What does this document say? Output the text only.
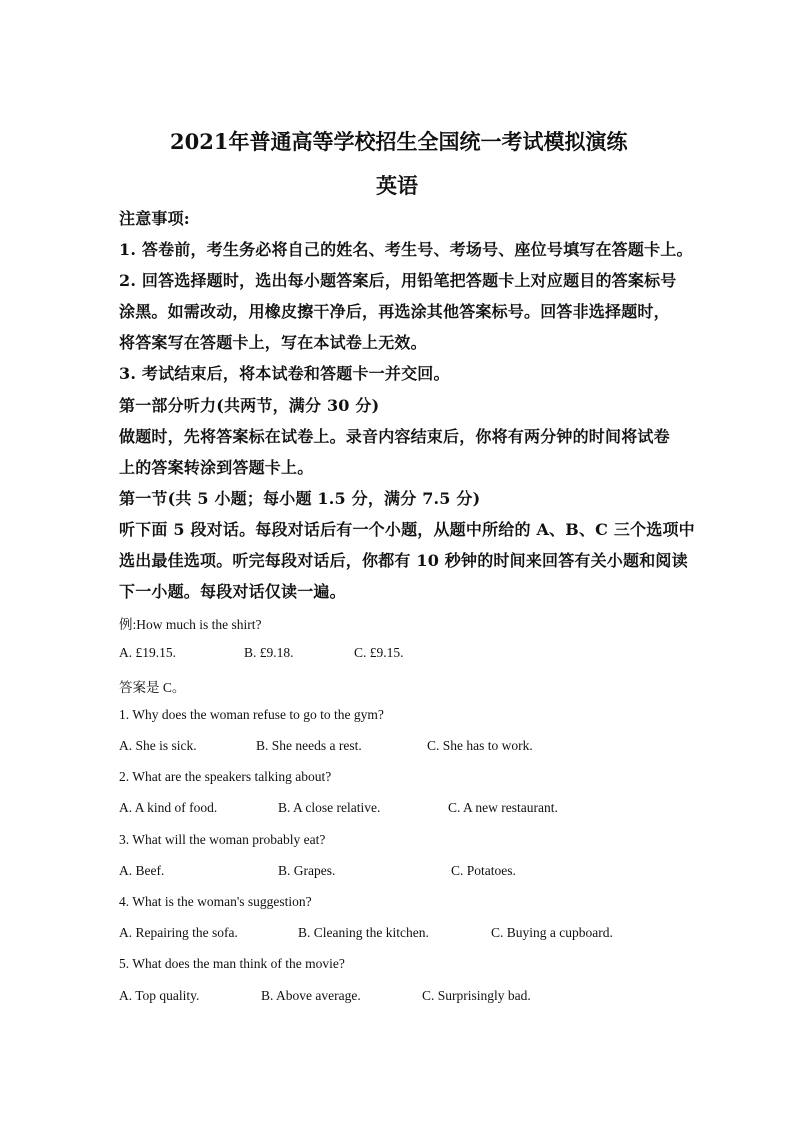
2021年普通高等学校招生全国统一考试模拟演练
英语
注意事项:
1. 答卷前，考生务必将自己的姓名、考生号、考场号、座位号填写在答题卡上。
2. 回答选择题时，选出每小题答案后，用铅笔把答题卡上对应题目的答案标号
涂黑。如需改动，用橡皮擦干净后，再选涂其他答案标号。回答非选择题时，
将答案写在答题卡上，写在本试卷上无效。
3. 考试结束后，将本试卷和答题卡一并交回。
第一部分听力(共两节，满分 30 分)
做题时，先将答案标在试卷上。录音内容结束后，你将有两分钟的时间将试卷
上的答案转涂到答题卡上。
第一节(共 5 小题；每小题 1.5 分，满分 7.5 分)
听下面 5 段对话。每段对话后有一个小题，从题中所给的 A、B、C 三个选项中
选出最佳选项。听完每段对话后，你都有 10 秒钟的时间来回答有关小题和阅读
下一小题。每段对话仅读一遍。
例:How much is the shirt?
A. £19.15.	B. £9.18.	C. £9.15.
答案是 C。
1. Why does the woman refuse to go to the gym?
A. She is sick.	B. She needs a rest.	C. She has to work.
2. What are the speakers talking about?
A. A kind of food.	B. A close relative.	C. A new restaurant.
3. What will the woman probably eat?
A. Beef.	B. Grapes.	C. Potatoes.
4. What is the woman's suggestion?
A. Repairing the sofa.	B. Cleaning the kitchen.	C. Buying a cupboard.
5. What does the man think of the movie?
A. Top quality.	B. Above average.	C. Surprisingly bad.
